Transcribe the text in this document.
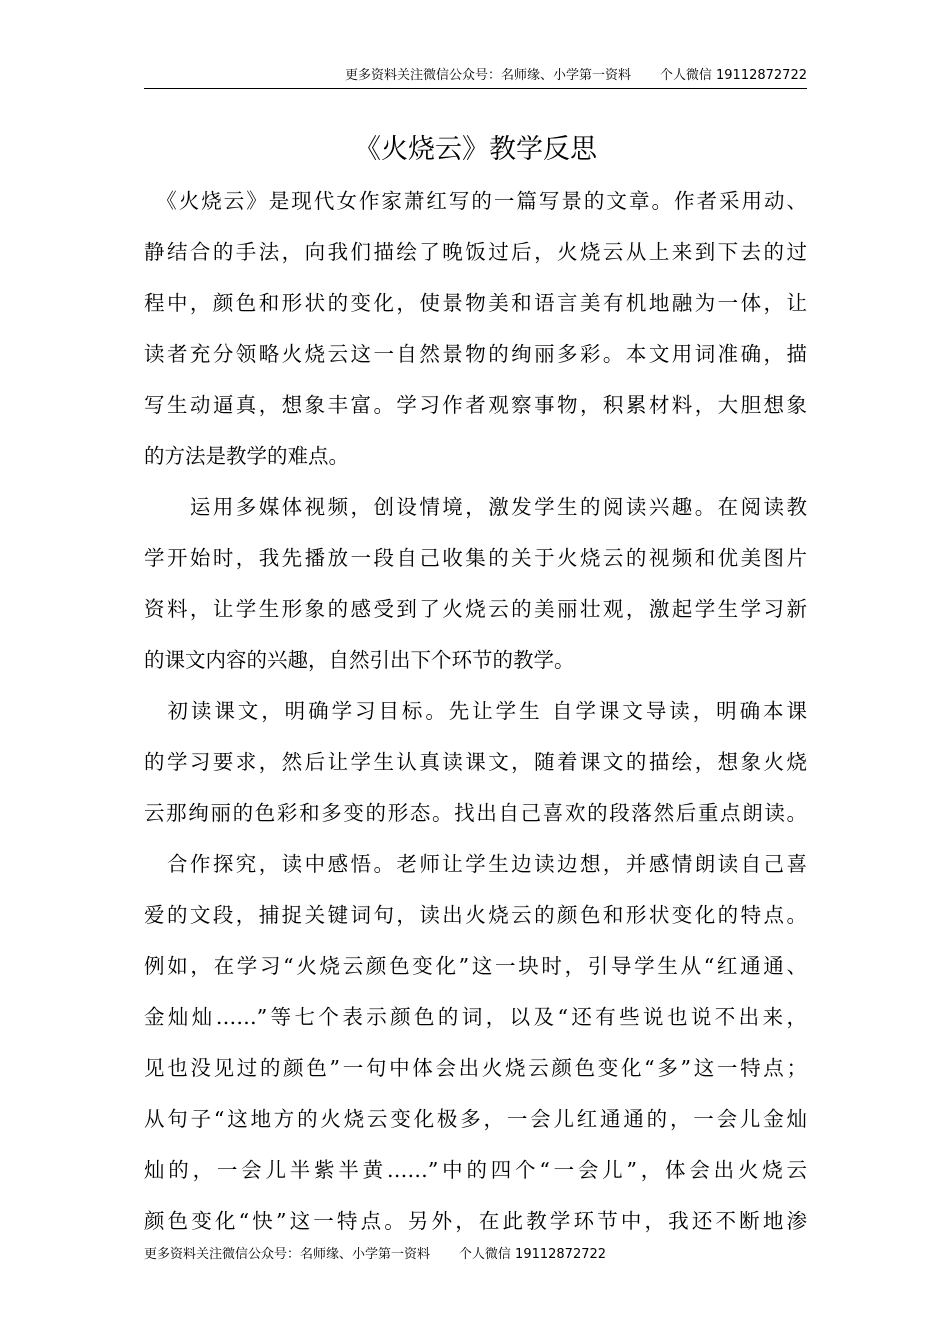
更多资料关注微信公众号：名师缘、小学第一资料       个人微信 19112872722
《火烧云》教学反思
　《火烧云》是现代女作家萧红写的一篇写景的文章。作者采用动、
静结合的手法，向我们描绘了晚饭过后，火烧云从上来到下去的过
程中，颜色和形状的变化，使景物美和语言美有机地融为一体，让
读者充分领略火烧云这一自然景物的绚丽多彩。本文用词准确，描
写生动逼真，想象丰富。学习作者观察事物，积累材料，大胆想象
的方法是教学的难点。
　　运用多媒体视频，创设情境，激发学生的阅读兴趣。在阅读教
学开始时，我先播放一段自己收集的关于火烧云的视频和优美图片
资料，让学生形象的感受到了火烧云的美丽壮观，激起学生学习新
的课文内容的兴趣，自然引出下个环节的教学。
　初读课文，明确学习目标。先让学生 自学课文导读，明确本课
的学习要求，然后让学生认真读课文，随着课文的描绘，想象火烧
云那绚丽的色彩和多变的形态。找出自己喜欢的段落然后重点朗读。
　合作探究，读中感悟。老师让学生边读边想，并感情朗读自己喜
爱的文段，捕捉关键词句，读出火烧云的颜色和形状变化的特点。
例如，在学习“火烧云颜色变化”这一块时，引导学生从“红通通、
金灿灿……”等七个表示颜色的词，以及“还有些说也说不出来，
见也没见过的颜色”一句中体会出火烧云颜色变化“多”这一特点；
从句子“这地方的火烧云变化极多，一会儿红通通的，一会儿金灿
灿的，一会儿半紫半黄……”中的四个“一会儿”，体会出火烧云
颜色变化“快”这一特点。另外，在此教学环节中，我还不断地渗
更多资料关注微信公众号：名师缘、小学第一资料       个人微信 19112872722
